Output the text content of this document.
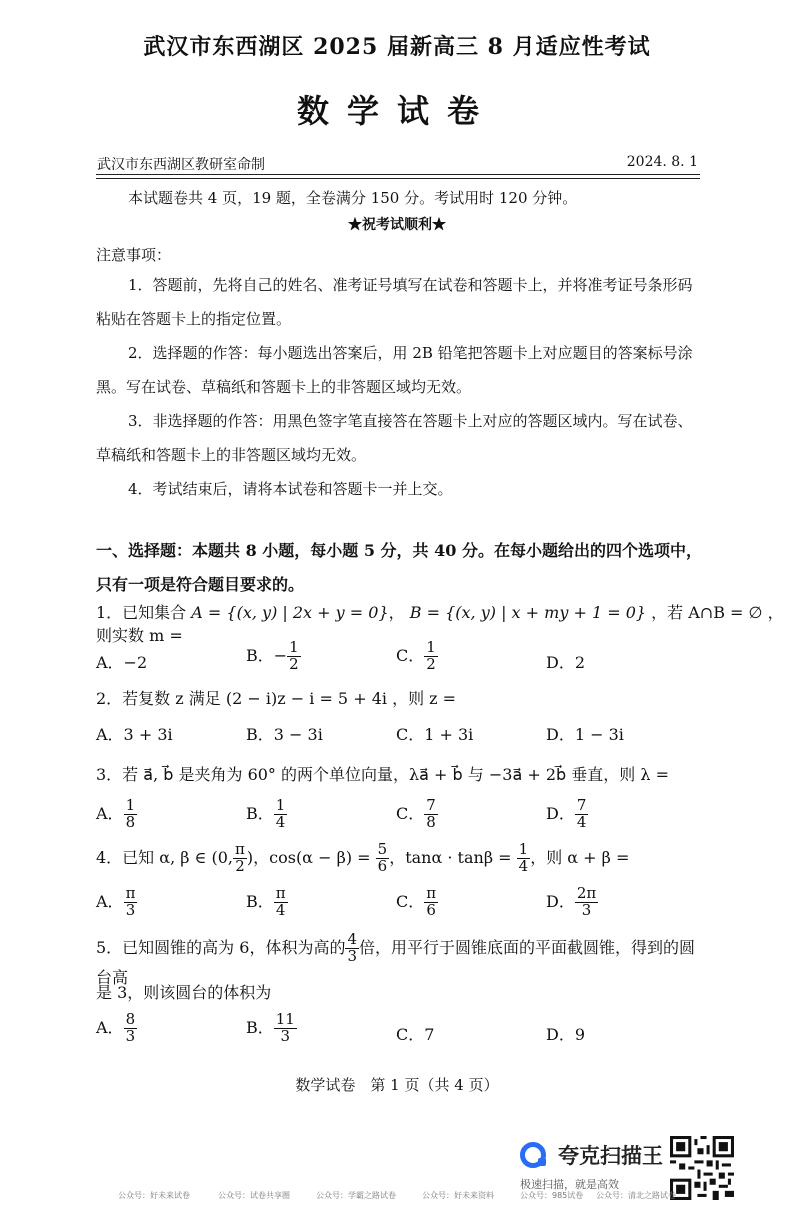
武汉市东西湖区 2025 届新高三 8 月适应性考试
数学试卷
武汉市东西湖区教研室命制	2024. 8. 1
本试题卷共 4 页，19 题，全卷满分 150 分。考试用时 120 分钟。
★祝考试顺利★
注意事项：
1．答题前，先将自己的姓名、准考证号填写在试卷和答题卡上，并将准考证号条形码粘贴在答题卡上的指定位置。
2．选择题的作答：每小题选出答案后，用 2B 铅笔把答题卡上对应题目的答案标号涂黑。写在试卷、草稿纸和答题卡上的非答题区域均无效。
3．非选择题的作答：用黑色签字笔直接答在答题卡上对应的答题区域内。写在试卷、草稿纸和答题卡上的非答题区域均无效。
4．考试结束后，请将本试卷和答题卡一并上交。
一、选择题：本题共 8 小题，每小题 5 分，共 40 分。在每小题给出的四个选项中，只有一项是符合题目要求的。
1．已知集合 A = {(x, y) | 2x + y = 0}， B = {(x, y) | x + my + 1 = 0} ，若 A∩B = ∅ ，则实数 m =
A．−2	B．− $\frac{1}{2}$	C． $\frac{1}{2}$	D．2
2．若复数 z 满足 (2 − i)z − i = 5 + 4i ，则 z =
A．3 + 3i	B．3 − 3i	C．1 + 3i	D．1 − 3i
3．若 a⃗, b⃗ 是夹角为 60° 的两个单位向量，λa⃗ + b⃗ 与 −3a⃗ + 2b⃗ 垂直，则 λ =
A． $\frac{1}{8}$	B． $\frac{1}{4}$	C． $\frac{7}{8}$	D． $\frac{7}{4}$
4．已知 α, β ∈ (0, $\frac{\pi}{2}$ )，$\cos(\alpha - \beta) = \frac{5}{6}$ ，$\tan\alpha \cdot \tan\beta = \frac{1}{4}$ ，则 α + β =
A． $\frac{\pi}{3}$	B． $\frac{\pi}{4}$	C． $\frac{\pi}{6}$	D． $\frac{2\pi}{3}$
5．已知圆锥的高为 6，体积为高的 $\frac{4}{3}$ 倍，用平行于圆锥底面的平面截圆锥，得到的圆台高
是 3，则该圆台的体积为
A． $\frac{8}{3}$	B． $\frac{11}{3}$	C．7	D．9
数学试卷　第 1 页（共 4 页）
夸克扫描王
极速扫描，就是高效
公众号：好未来试卷	公众号：试卷共享圈	公众号：学霸之路试卷	公众号：好未来资料	公众号：985试卷 公众号：清北之路试卷
